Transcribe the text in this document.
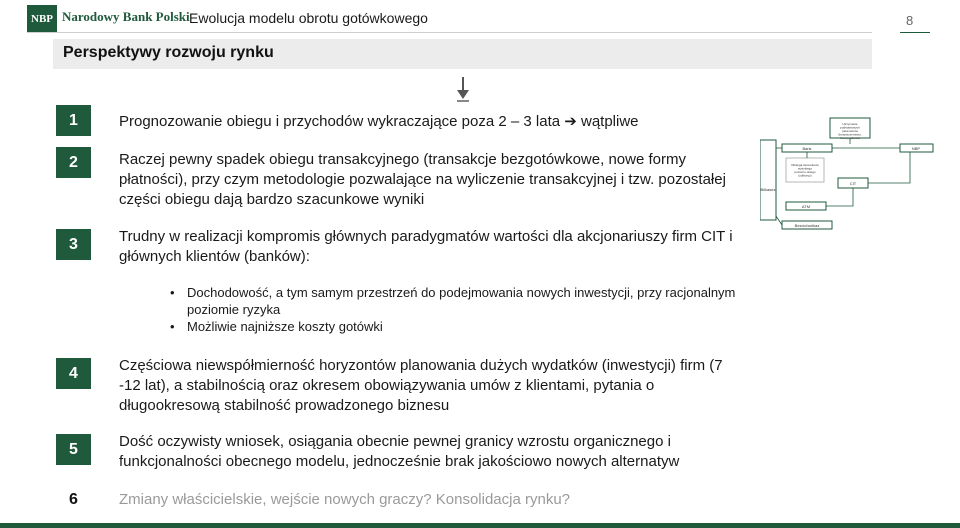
NBP Narodowy Bank Polski Ewolucja modelu obrotu gotówkowego	8
Perspektywy rozwoju rynku
1	Prognozowanie obiegu i przychodów wykraczające poza 2 – 3 lata ➔ wątpliwe
2	Raczej pewny spadek obiegu transakcyjnego (transakcje bezgotówkowe, nowe formy płatności), przy czym metodologie pozwalające na wyliczenie transakcyjnej i tzw. pozostałej części obiegu dają bardzo szacunkowe wyniki
3	Trudny w realizacji kompromis głównych paradygmatów wartości dla akcjonariuszy firm CIT i głównych klientów (banków):
• Dochodowość, a tym samym przestrzeń do podejmowania nowych inwestycji, przy racjonalnym poziomie ryzyka
• Możliwie najniższe koszty gotówki
4	Częściowa niewspółmierność horyzontów planowania dużych wydatków (inwestycji) firm (7 -12 lat), a stabilnością oraz okresem obowiązywania umów z klientami, pytania o długookresową stabilność prowadzonego biznesu
5	Dość oczywisty wniosek, osiągania obecnie pewnej granicy wzrostu organicznego i funkcjonalności obecnego modelu, jednocześnie brak jakościowo nowych alternatyw
6	Zmiany właścicielskie, wejście nowych graczy? Konsolidacja rynku?
Bilkasez
Bank
Utrzymanie podstawowych parametrów (bezpieczeństwo, koszty, jakość)
NBP
Obsługa stosunkowo wysokiego poziomu obiegu (odbiorcy)
CIT
ATM
Bezcichorikaz
